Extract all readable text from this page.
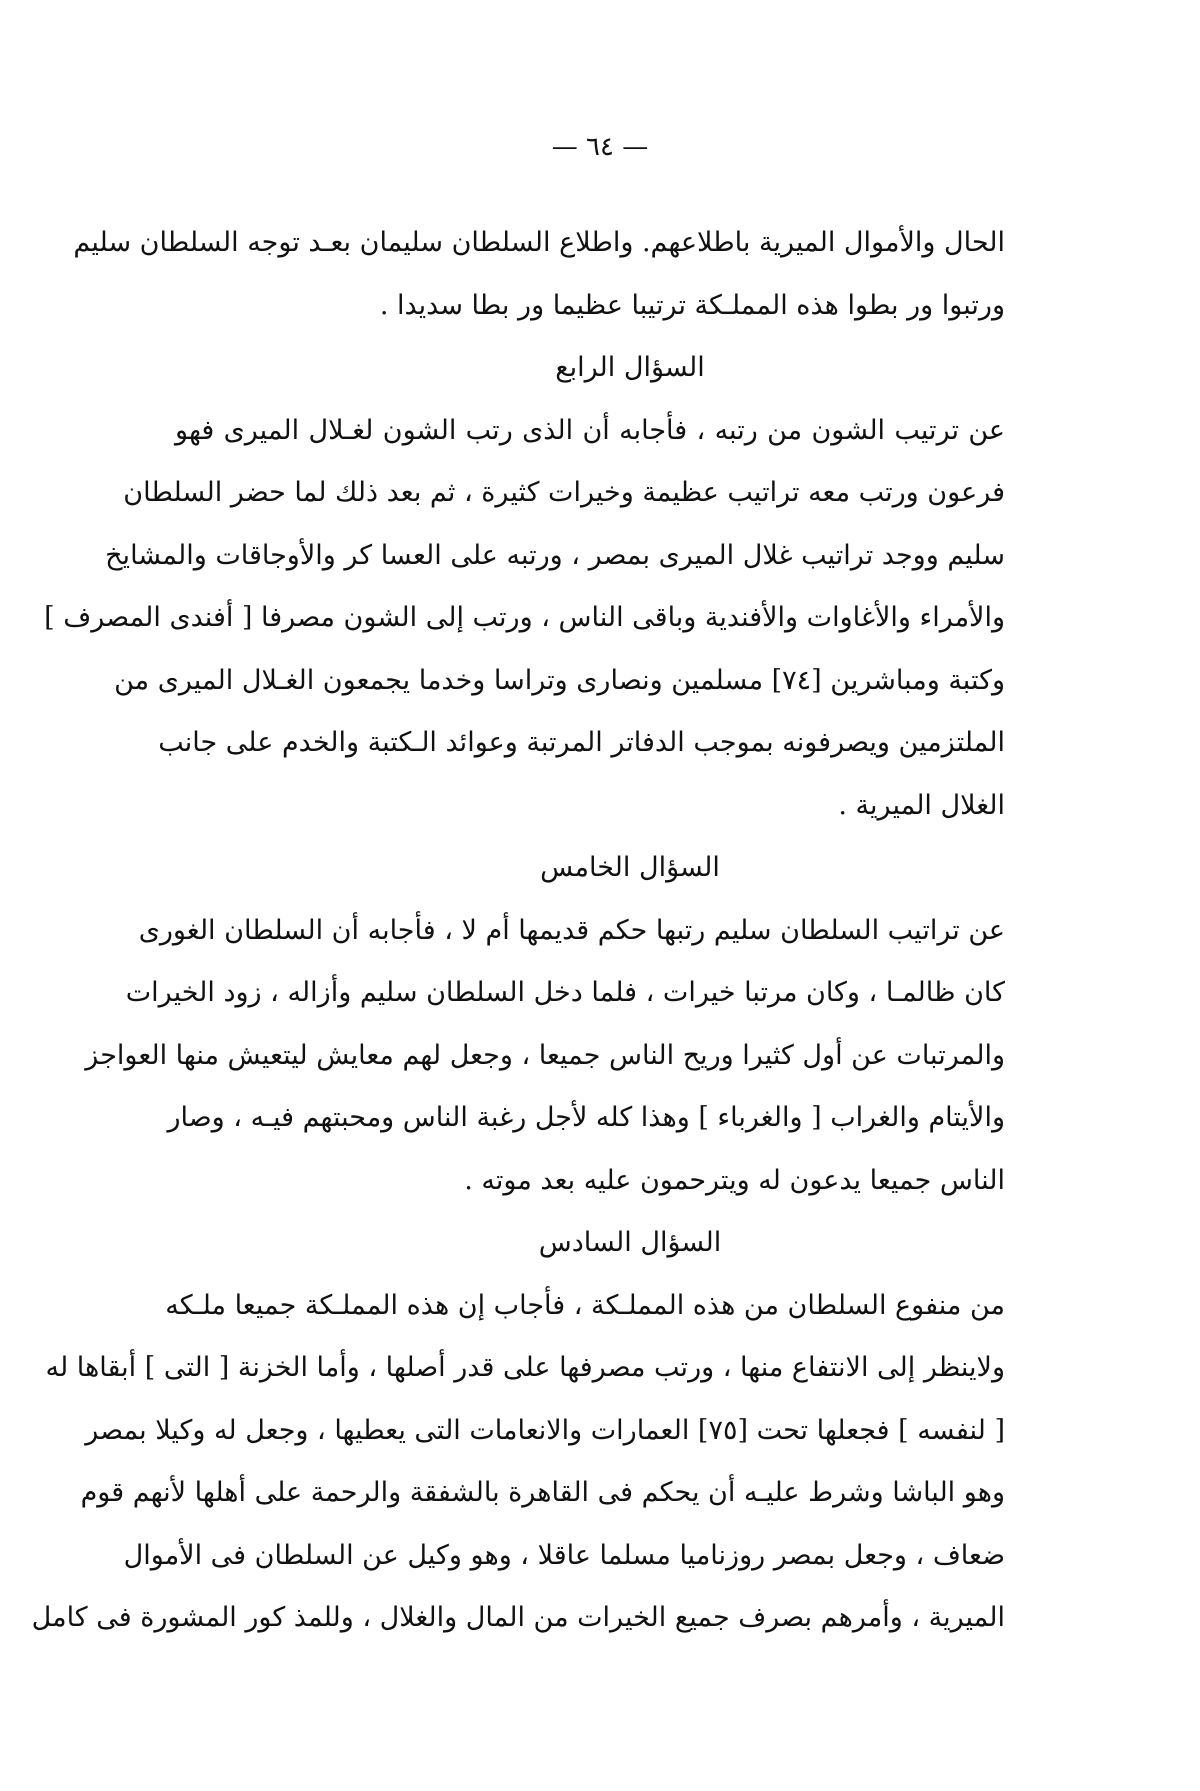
— ٦٤ —
الحال والأموال الميرية باطلاعهم. واطلاع السلطان سليمان بعـد توجه السلطان سليم
ورتبوا ور بطوا هذه المملـكة ترتيبا عظيما ور بطا سديدا .
السؤال الرابع
عن ترتيب الشون من رتبه ، فأجابه أن الذى رتب الشون لغـلال الميرى فهو
فرعون ورتب معه تراتيب عظيمة وخيرات كثيرة ، ثم بعد ذلك لما حضر السلطان
سليم ووجد تراتيب غلال الميرى بمصر ، ورتبه على العسا كر والأوجاقات والمشايخ
والأمراء والأغاوات والأفندية وباقى الناس ، ورتب إلى الشون مصرفا [ أفندى المصرف ]
وكتبة ومباشرين [٧٤] مسلمين ونصارى وتراسا وخدما يجمعون الغـلال الميرى من
الملتزمين ويصرفونه بموجب الدفاتر المرتبة وعوائد الـكتبة والخدم على جانب
الغلال الميرية .
السؤال الخامس
عن تراتيب السلطان سليم رتبها حكم قديمها أم لا ، فأجابه أن السلطان الغورى
كان ظالمـا ، وكان مرتبا خيرات ، فلما دخل السلطان سليم وأزاله ، زود الخيرات
والمرتبات عن أول كثيرا وريح الناس جميعا ، وجعل لهم معايش ليتعيش منها العواجز
والأيتام والغراب [ والغرباء ] وهذا كله لأجل رغبة الناس ومحبتهم فيـه ، وصار
الناس جميعا يدعون له ويترحمون عليه بعد موته .
السؤال السادس
من منفوع السلطان من هذه المملـكة ، فأجاب إن هذه المملـكة جميعا ملـكه
ولاينظر إلى الانتفاع منها ، ورتب مصرفها على قدر أصلها ، وأما الخزنة [ التى ] أبقاها له
[ لنفسه ] فجعلها تحت [٧٥] العمارات والانعامات التى يعطيها ، وجعل له وكيلا بمصر
وهو الباشا وشرط عليـه أن يحكم فى القاهرة بالشفقة والرحمة على أهلها لأنهم قوم
ضعاف ، وجعل بمصر روزناميا مسلما عاقلا ، وهو وكيل عن السلطان فى الأموال
الميرية ، وأمرهم بصرف جميع الخيرات من المال والغلال ، وللمذ كور المشورة فى كامل
